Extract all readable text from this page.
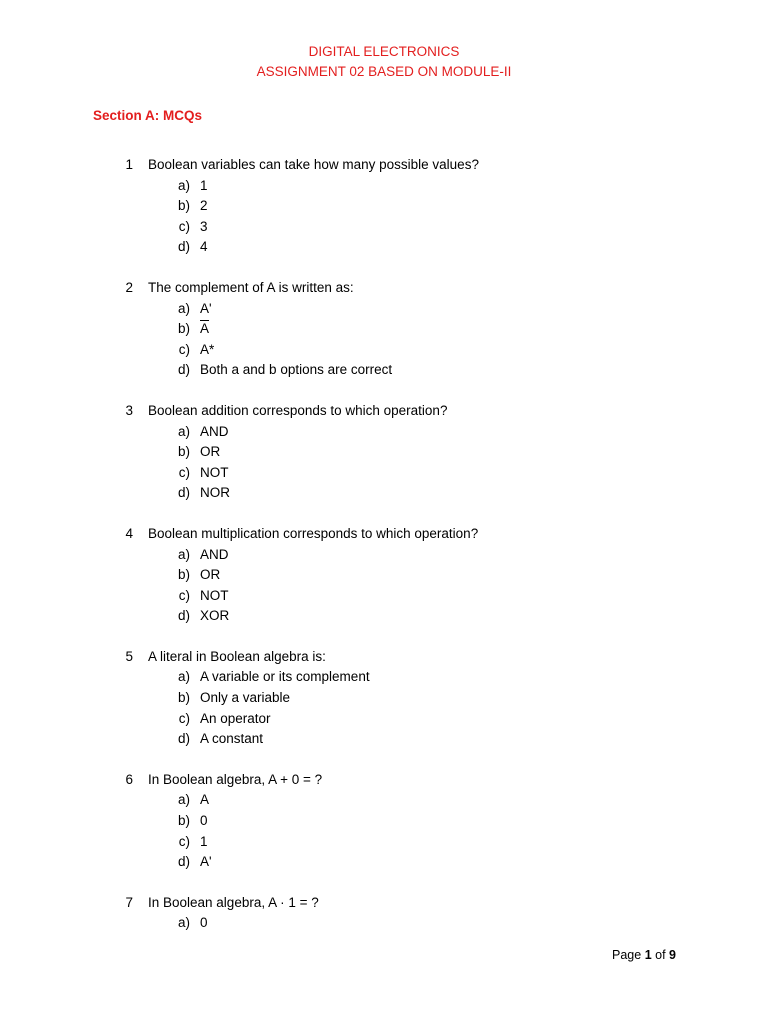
DIGITAL ELECTRONICS
ASSIGNMENT 02 BASED ON MODULE-II
Section A: MCQs
1	Boolean variables can take how many possible values?
a) 1
b) 2
c) 3
d) 4
2	The complement of A is written as:
a) A'
b) $\overline{A}$
c) A*
d) Both a and b options are correct
3	Boolean addition corresponds to which operation?
a) AND
b) OR
c) NOT
d) NOR
4	Boolean multiplication corresponds to which operation?
a) AND
b) OR
c) NOT
d) XOR
5	A literal in Boolean algebra is:
a) A variable or its complement
b) Only a variable
c) An operator
d) A constant
6	In Boolean algebra, A + 0 = ?
a) A
b) 0
c) 1
d) A'
7	In Boolean algebra, A · 1 = ?
a) 0
Page 1 of 9
